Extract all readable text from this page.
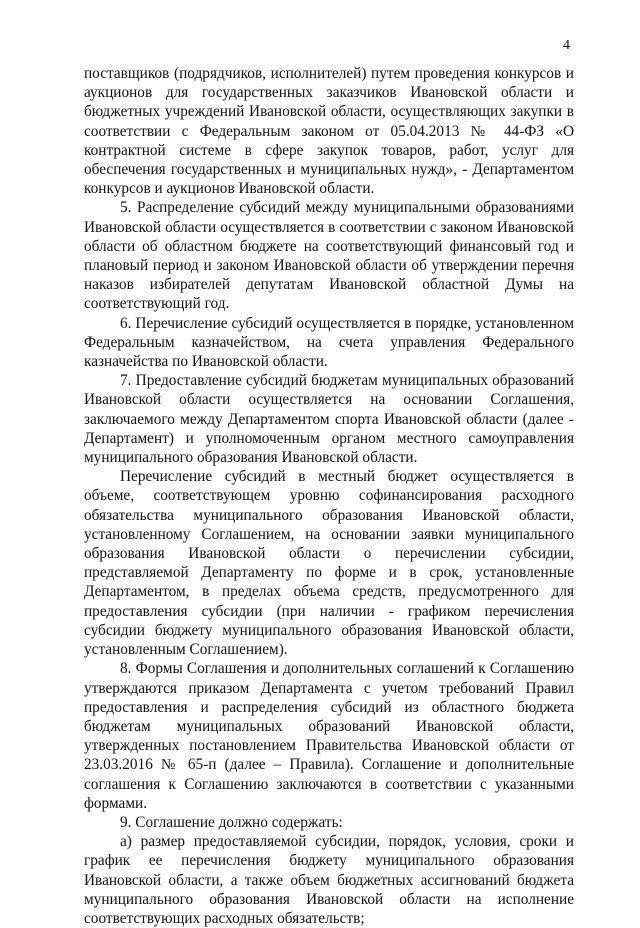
4

поставщиков (подрядчиков, исполнителей) путем проведения конкурсов и аукционов для государственных заказчиков Ивановской области и бюджетных учреждений Ивановской области, осуществляющих закупки в соответствии с Федеральным законом от 05.04.2013 № 44-ФЗ «О контрактной системе в сфере закупок товаров, работ, услуг для обеспечения государственных и муниципальных нужд», - Департаментом конкурсов и аукционов Ивановской области.

5. Распределение субсидий между муниципальными образованиями Ивановской области осуществляется в соответствии с законом Ивановской области об областном бюджете на соответствующий финансовый год и плановый период и законом Ивановской области об утверждении перечня наказов избирателей депутатам Ивановской областной Думы на соответствующий год.

6. Перечисление субсидий осуществляется в порядке, установленном Федеральным казначейством, на счета управления Федерального казначейства по Ивановской области.

7. Предоставление субсидий бюджетам муниципальных образований Ивановской области осуществляется на основании Соглашения, заключаемого между Департаментом спорта Ивановской области (далее - Департамент) и уполномоченным органом местного самоуправления муниципального образования Ивановской области.

Перечисление субсидий в местный бюджет осуществляется в объеме, соответствующем уровню софинансирования расходного обязательства муниципального образования Ивановской области, установленному Соглашением, на основании заявки муниципального образования Ивановской области о перечислении субсидии, представляемой Департаменту по форме и в срок, установленные Департаментом, в пределах объема средств, предусмотренного для предоставления субсидии (при наличии - графиком перечисления субсидии бюджету муниципального образования Ивановской области, установленным Соглашением).

8. Формы Соглашения и дополнительных соглашений к Соглашению утверждаются приказом Департамента с учетом требований Правил предоставления и распределения субсидий из областного бюджета бюджетам муниципальных образований Ивановской области, утвержденных постановлением Правительства Ивановской области от 23.03.2016 № 65-п (далее – Правила). Соглашение и дополнительные соглашения к Соглашению заключаются в соответствии с указанными формами.

9. Соглашение должно содержать:

а) размер предоставляемой субсидии, порядок, условия, сроки и график ее перечисления бюджету муниципального образования Ивановской области, а также объем бюджетных ассигнований бюджета муниципального образования Ивановской области на исполнение соответствующих расходных обязательств;
